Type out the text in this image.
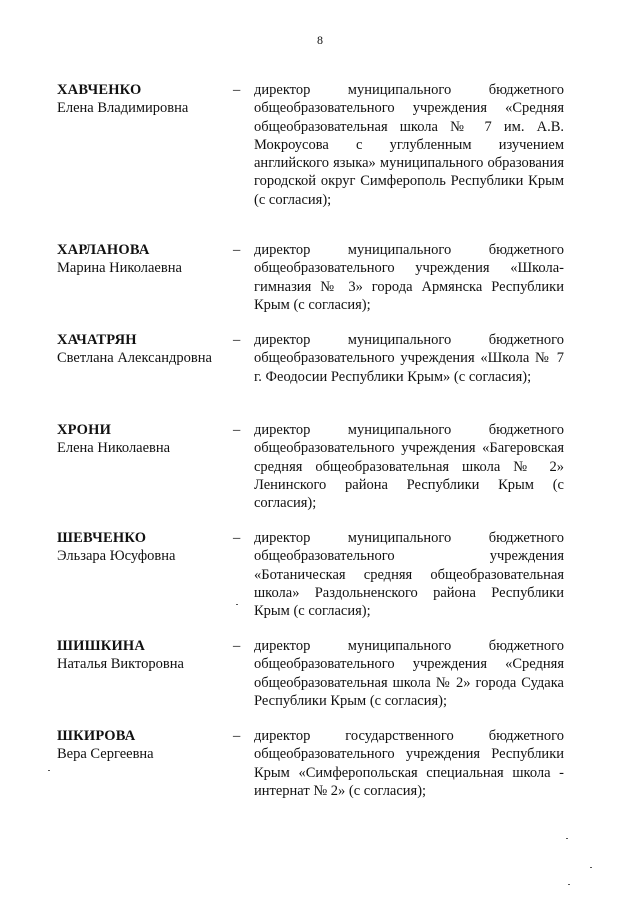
8
ХАВЧЕНКО
Елена Владимировна
– директор муниципального бюджетного общеобразовательного учреждения «Средняя общеобразовательная школа № 7 им. А.В. Мокроусова с углубленным изучением английского языка» муниципального образования городской округ Симферополь Республики Крым (с согласия);
ХАРЛАНОВА
Марина Николаевна
– директор муниципального бюджетного общеобразовательного учреждения «Школа-гимназия № 3» города Армянска Республики Крым (с согласия);
ХАЧАТРЯН
Светлана Александровна
– директор муниципального бюджетного общеобразовательного учреждения «Школа № 7 г. Феодосии Республики Крым» (с согласия);
ХРОНИ
Елена Николаевна
– директор муниципального бюджетного общеобразовательного учреждения «Багеровская средняя общеобразовательная школа № 2» Ленинского района Республики Крым (с согласия);
ШЕВЧЕНКО
Эльзара Юсуфовна
– директор муниципального бюджетного общеобразовательного учреждения «Ботаническая средняя общеобразовательная школа» Раздольненского района Республики Крым (с согласия);
ШИШКИНА
Наталья Викторовна
– директор муниципального бюджетного общеобразовательного учреждения «Средняя общеобразовательная школа № 2» города Судака Республики Крым (с согласия);
ШКИРОВА
Вера Сергеевна
– директор государственного бюджетного общеобразовательного учреждения Республики Крым «Симферопольская специальная школа - интернат № 2» (с согласия);
